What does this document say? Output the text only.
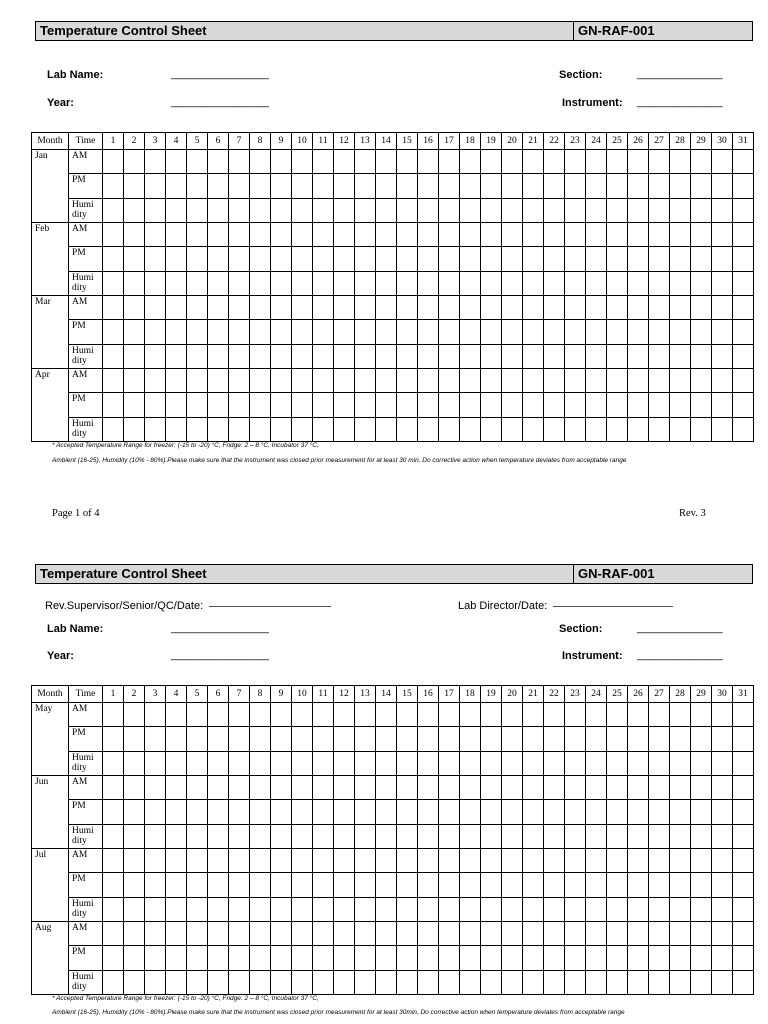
Temperature Control Sheet	GN-RAF-001
Lab Name:	________________	Section:	______________
Year:	________________	Instrument: ______________
Month	Time	1	2	3	4	5	6	7	8	9	10	11	12	13	14	15	16	17	18	19	20	21	22	23	24	25	26	27	28	29	30	31
Jan	AM																															
	PM																															
	Humi dity																															
Feb	AM																															
	PM																															
	Humi dity																															
Mar	AM																															
	PM																															
	Humi dity																															
Apr	AM																															
	PM																															
	Humi dity																															
* Accepted Temperature Range for freezer: (-15 to -20) °C, Fridge: 2 – 8 °C, Incubator 37 °C,
Ambient (16-25), Humidity (10% - 80%).Please make sure that the instrument was closed prior measurement for at least 30 min, Do corrective action when temperature deviates from acceptable range
Page 1 of 4	Rev. 3
Temperature Control Sheet	GN-RAF-001
Rev.Supervisor/Senior/QC/Date:	Lab Director/Date:
Lab Name:	________________	Section:	______________
Year:	________________	Instrument: ______________
Month	Time	1	2	3	4	5	6	7	8	9	10	11	12	13	14	15	16	17	18	19	20	21	22	23	24	25	26	27	28	29	30	31
May	AM																															
	PM																															
	Humi dity																															
Jun	AM																															
	PM																															
	Humi dity																															
Jul	AM																															
	PM																															
	Humi dity																															
Aug	AM																															
	PM																															
	Humi dity																															
* Accepted Temperature Range for freezer: (-15 to -20) °C, Fridge: 2 – 8 °C, Incubator 37 °C,
Ambient (16-25), Humidity (10% - 80%).Please make sure that the instrument was closed prior measurement for at least 30min, Do corrective action when temperature deviates from acceptable range
